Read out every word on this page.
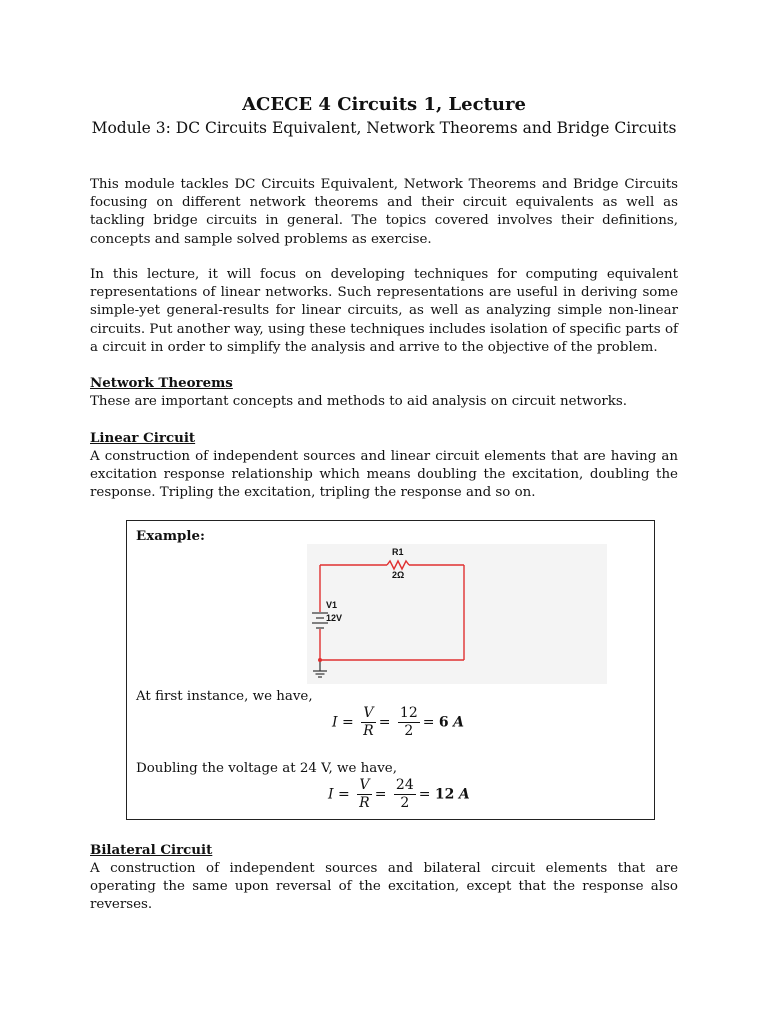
ACECE 4 Circuits 1, Lecture
Module 3: DC Circuits Equivalent, Network Theorems and Bridge Circuits
This module tackles DC Circuits Equivalent, Network Theorems and Bridge Circuits focusing on different network theorems and their circuit equivalents as well as tackling bridge circuits in general. The topics covered involves their definitions, concepts and sample solved problems as exercise.
In this lecture, it will focus on developing techniques for computing equivalent representations of linear networks. Such representations are useful in deriving some simple-yet general-results for linear circuits, as well as analyzing simple non-linear circuits. Put another way, using these techniques includes isolation of specific parts of a circuit in order to simplify the analysis and arrive to the objective of the problem.
Network Theorems
These are important concepts and methods to aid analysis on circuit networks.
Linear Circuit
A construction of independent sources and linear circuit elements that are having an excitation response relationship which means doubling the excitation, doubling the response. Tripling the excitation, tripling the response and so on.
Bilateral Circuit
A construction of independent sources and bilateral circuit elements that are operating the same upon reversal of the excitation, except that the response also reverses.
Example:
R1
2Ω
V1
12V
At first instance, we have,
$I = \frac{V}{R} = \frac{12}{2} = 6$ A
Doubling the voltage at 24 V, we have,
$I = \frac{V}{R} = \frac{24}{2} = 12$ A
